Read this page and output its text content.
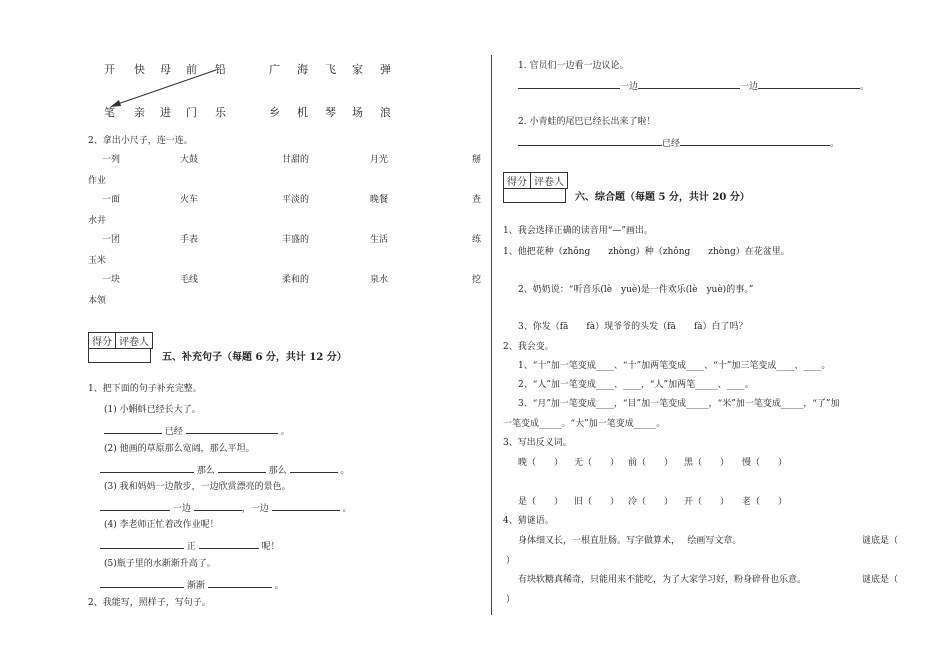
开 快 母 前 铅	广 海 飞 家 弹
笔 亲 进 门 乐	乡 机 琴 场 浪
2、拿出小尺子，连一连。
一列	大鼓	甘甜的	月光	掰
作业
一面	火车	平淡的	晚餐	查
水井
一团	手表	丰盛的	生活	练
玉米
一块	毛线	柔和的	泉水	挖
本领
得分 评卷人
五、补充句子（每题 6 分，共计 12 分）
1、把下面的句子补充完整。
(1) 小蝌蚪已经长大了。
已经	。
(2) 他画的草原那么宽阔，那么平坦。
那么	那么	。
(3) 我和妈妈一边散步，一边欣赏漂亮的景色。
一边	，一边	。
(4) 李老师正忙着改作业呢！
正	呢！
(5)瓶子里的水渐渐升高了。
渐渐	。
2、我能写，照样子，写句子。
1. 官员们一边看一边议论。
一边	一边	。
2. 小青蛙的尾巴已经长出来了啦！
已经	。
得分 评卷人
六、综合题（每题 5 分，共计 20 分）
1、我会选择正确的读音用“—”画出。
1、他把花种（zhǒng　　zhòng）种（zhǒng　　zhòng）在花盆里。
2、奶奶说：“听音乐(lè　yuè)是一件欢乐(lè　yuè)的事。”
3、你发（fā　　fà）现爷爷的头发（fā　　fà）白了吗？
2、我会变。
1、“十”加一笔变成____、“十”加两笔变成____、“十”加三笔变成____、____。
2、“人”加一笔变成____、____，“人”加两笔_____、____。
3、“月”加一笔变成____，“目”加一笔变成_____，“米”加一笔变成_____，“了”加
一笔变成_____。“大”加一笔变成_____。
3、写出反义词。
晚（　　） 无（　　） 前（　　） 黑（　　） 慢（　　）
是（　　） 旧（　　） 冷（　　） 开（　　） 老（　　）
4、猜谜语。
身体细又长，一根直肚肠。写字做算术，　 绘画写文章。	谜底是（
）
有块软糖真稀奇，只能用来不能吃，为了大家学习好，粉身碎骨也乐意。	谜底是（
）
